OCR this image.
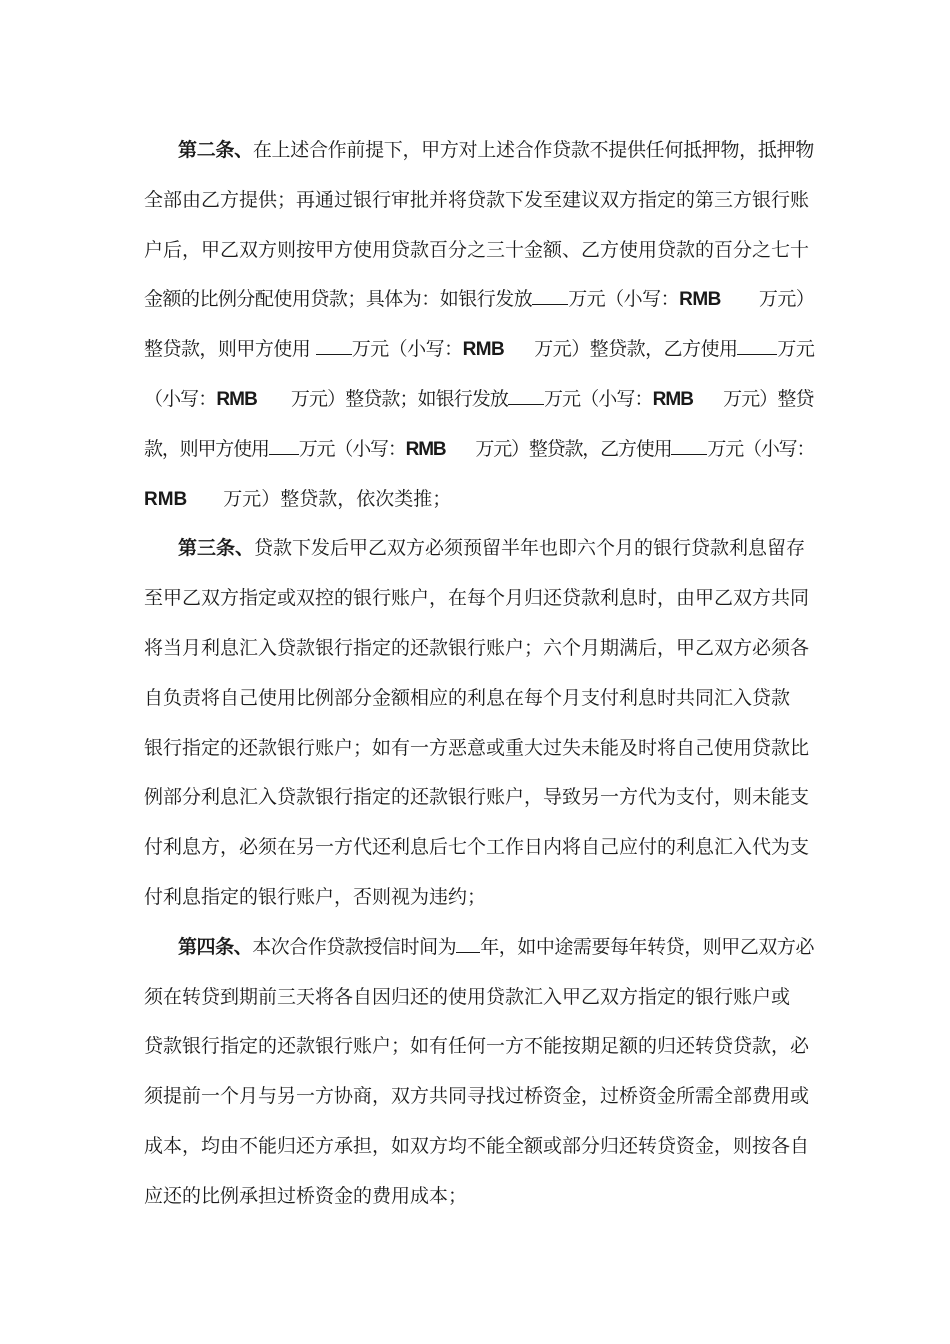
第二条、在上述合作前提下，甲方对上述合作贷款不提供任何抵押物，抵押物
全部由乙方提供；再通过银行审批并将贷款下发至建议双方指定的第三方银行账
户后，甲乙双方则按甲方使用贷款百分之三十金额、乙方使用贷款的百分之七十
金额的比例分配使用贷款；具体为：如银行发放 万元（小写：RMB 万元）
整贷款，则甲方使用 万元（小写：RMB 万元）整贷款，乙方使用 万元
（小写：RMB 万元）整贷款；如银行发放 万元（小写：RMB 万元）整贷
款，则甲方使用 万元（小写：RMB 万元）整贷款，乙方使用 万元（小写：
RMB 万元）整贷款，依次类推；
第三条、贷款下发后甲乙双方必须预留半年也即六个月的银行贷款利息留存
至甲乙双方指定或双控的银行账户，在每个月归还贷款利息时，由甲乙双方共同
将当月利息汇入贷款银行指定的还款银行账户；六个月期满后，甲乙双方必须各
自负责将自己使用比例部分金额相应的利息在每个月支付利息时共同汇入贷款
银行指定的还款银行账户；如有一方恶意或重大过失未能及时将自己使用贷款比
例部分利息汇入贷款银行指定的还款银行账户，导致另一方代为支付，则未能支
付利息方，必须在另一方代还利息后七个工作日内将自己应付的利息汇入代为支
付利息指定的银行账户，否则视为违约；
第四条、本次合作贷款授信时间为 年，如中途需要每年转贷，则甲乙双方必
须在转贷到期前三天将各自因归还的使用贷款汇入甲乙双方指定的银行账户或
贷款银行指定的还款银行账户；如有任何一方不能按期足额的归还转贷贷款，必
须提前一个月与另一方协商，双方共同寻找过桥资金，过桥资金所需全部费用或
成本，均由不能归还方承担，如双方均不能全额或部分归还转贷资金，则按各自
应还的比例承担过桥资金的费用成本；
